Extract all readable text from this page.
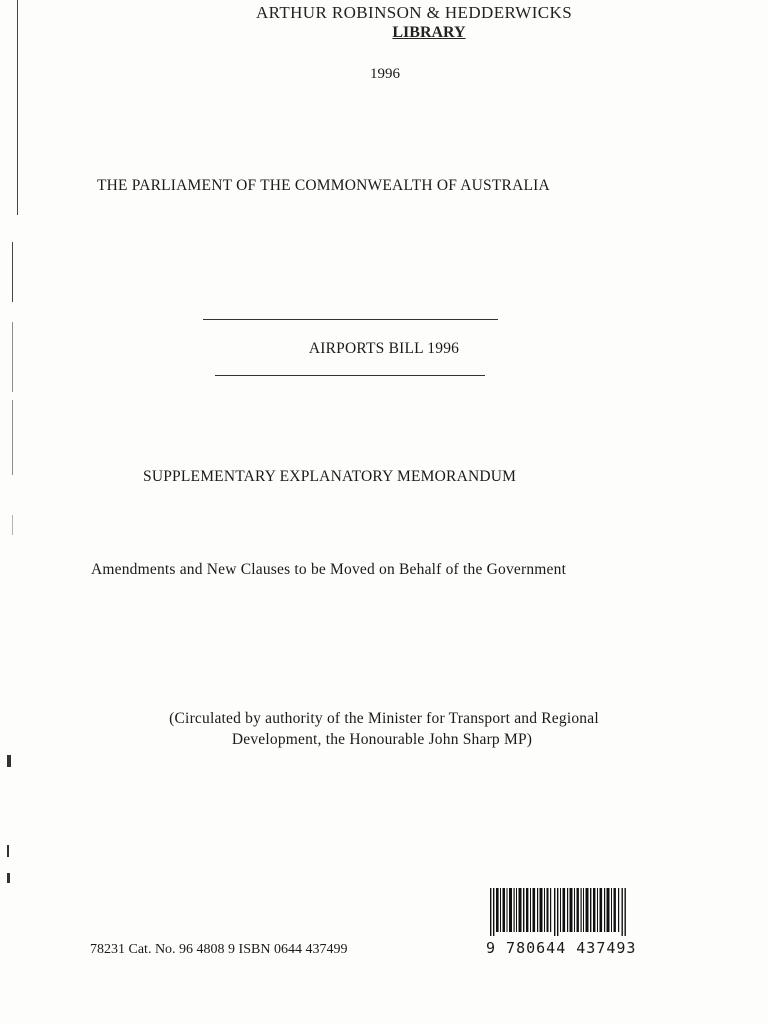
ARTHUR ROBINSON & HEDDERWICKS
LIBRARY
1996
THE PARLIAMENT OF THE COMMONWEALTH OF AUSTRALIA
AIRPORTS BILL 1996
SUPPLEMENTARY EXPLANATORY MEMORANDUM
Amendments and New Clauses to be Moved on Behalf of the Government
(Circulated by authority of the Minister for Transport and Regional
Development, the Honourable John Sharp MP)
78231 Cat. No. 96 4808 9 ISBN 0644 437499	9 780644 437493
